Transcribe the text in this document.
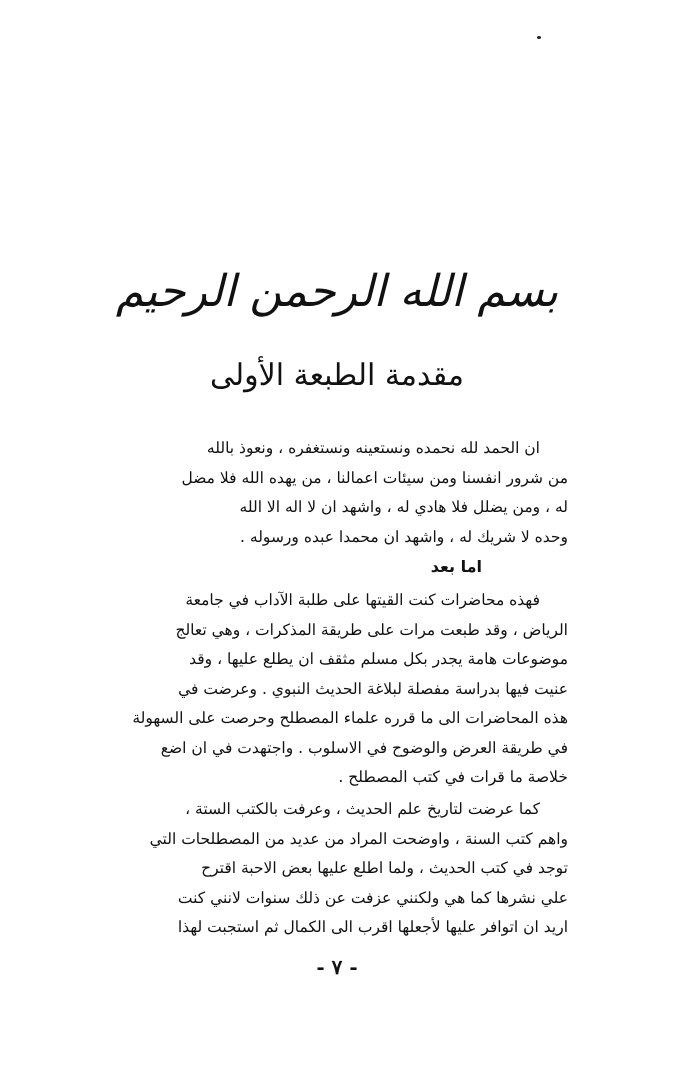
بسم الله الرحمن الرحيم
مقدمة الطبعة الأولى
ان الحمد لله نحمده ونستعينه ونستغفره ، ونعوذ بالله
من شرور انفسنا ومن سيئات اعمالنا ، من يهده الله فلا مضل
له ، ومن يضلل فلا هادي له ، واشهد ان لا اله الا الله
وحده لا شريك له ، واشهد ان محمدا عبده ورسوله .
اما بعد
فهذه محاضرات كنت القيتها على طلبة الآداب في جامعة
الرياض ، وقد طبعت مرات على طريقة المذكرات ، وهي تعالج
موضوعات هامة يجدر بكل مسلم مثقف ان يطلع عليها ، وقد
عنيت فيها بدراسة مفصلة لبلاغة الحديث النبوي . وعرضت في
هذه المحاضرات الى ما قرره علماء المصطلح وحرصت على السهولة
في طريقة العرض والوضوح في الاسلوب . واجتهدت في ان اضع
خلاصة ما قرات في كتب المصطلح .
كما عرضت لتاريخ علم الحديث ، وعرفت بالكتب الستة ،
واهم كتب السنة ، واوضحت المراد من عديد من المصطلحات التي
توجد في كتب الحديث ، ولما اطلع عليها بعض الاحبة اقترح
علي نشرها كما هي ولكنني عزفت عن ذلك سنوات لانني كنت
اريد ان اتوافر عليها لأجعلها اقرب الى الكمال ثم استجبت لهذا
- ٧ -
